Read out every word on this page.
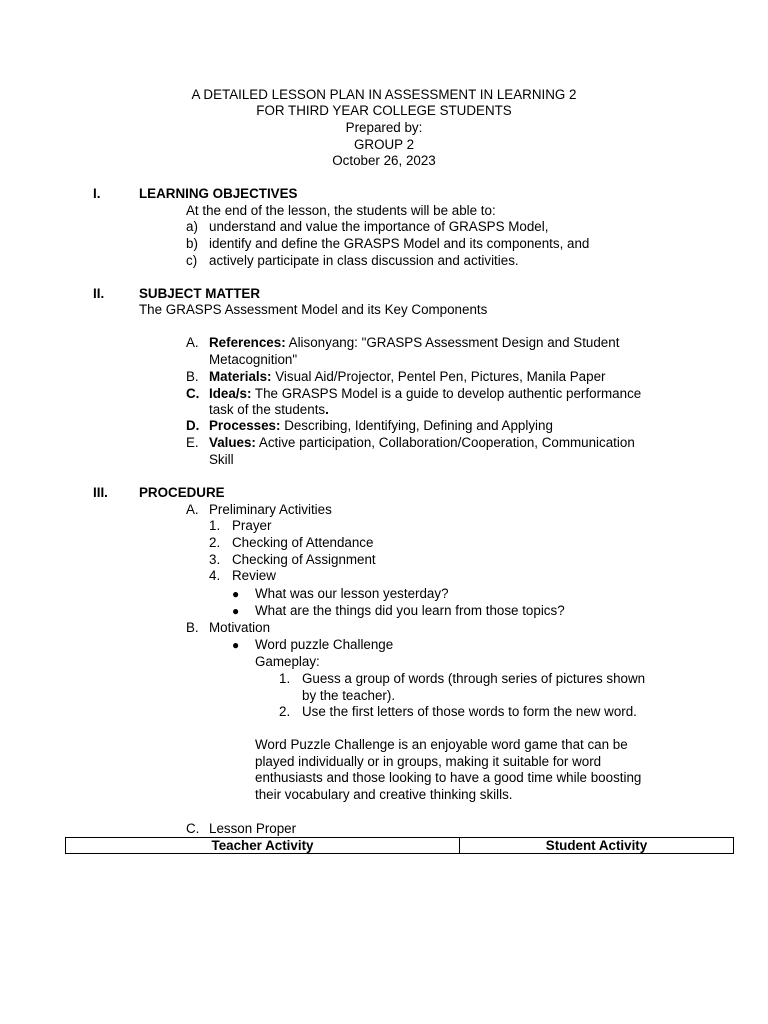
A DETAILED LESSON PLAN IN ASSESSMENT IN LEARNING 2
FOR THIRD YEAR COLLEGE STUDENTS
Prepared by:
GROUP 2
October 26, 2023
I.	LEARNING OBJECTIVES
At the end of the lesson, the students will be able to:
a) understand and value the importance of GRASPS Model,
b) identify and define the GRASPS Model and its components, and
c) actively participate in class discussion and activities.
II.	SUBJECT MATTER
The GRASPS Assessment Model and its Key Components
A. References: Alisonyang: "GRASPS Assessment Design and Student
Metacognition"
B. Materials: Visual Aid/Projector, Pentel Pen, Pictures, Manila Paper
C. Idea/s: The GRASPS Model is a guide to develop authentic performance
task of the students.
D. Processes: Describing, Identifying, Defining and Applying
E. Values: Active participation, Collaboration/Cooperation, Communication
Skill
III. PROCEDURE
A. Preliminary Activities
1. Prayer
2. Checking of Attendance
3. Checking of Assignment
4. Review
● What was our lesson yesterday?
● What are the things did you learn from those topics?
B. Motivation
● Word puzzle Challenge
Gameplay:
1. Guess a group of words (through series of pictures shown
by the teacher).
2. Use the first letters of those words to form the new word.
Word Puzzle Challenge is an enjoyable word game that can be
played individually or in groups, making it suitable for word
enthusiasts and those looking to have a good time while boosting
their vocabulary and creative thinking skills.
C. Lesson Proper
Teacher Activity	Student Activity
